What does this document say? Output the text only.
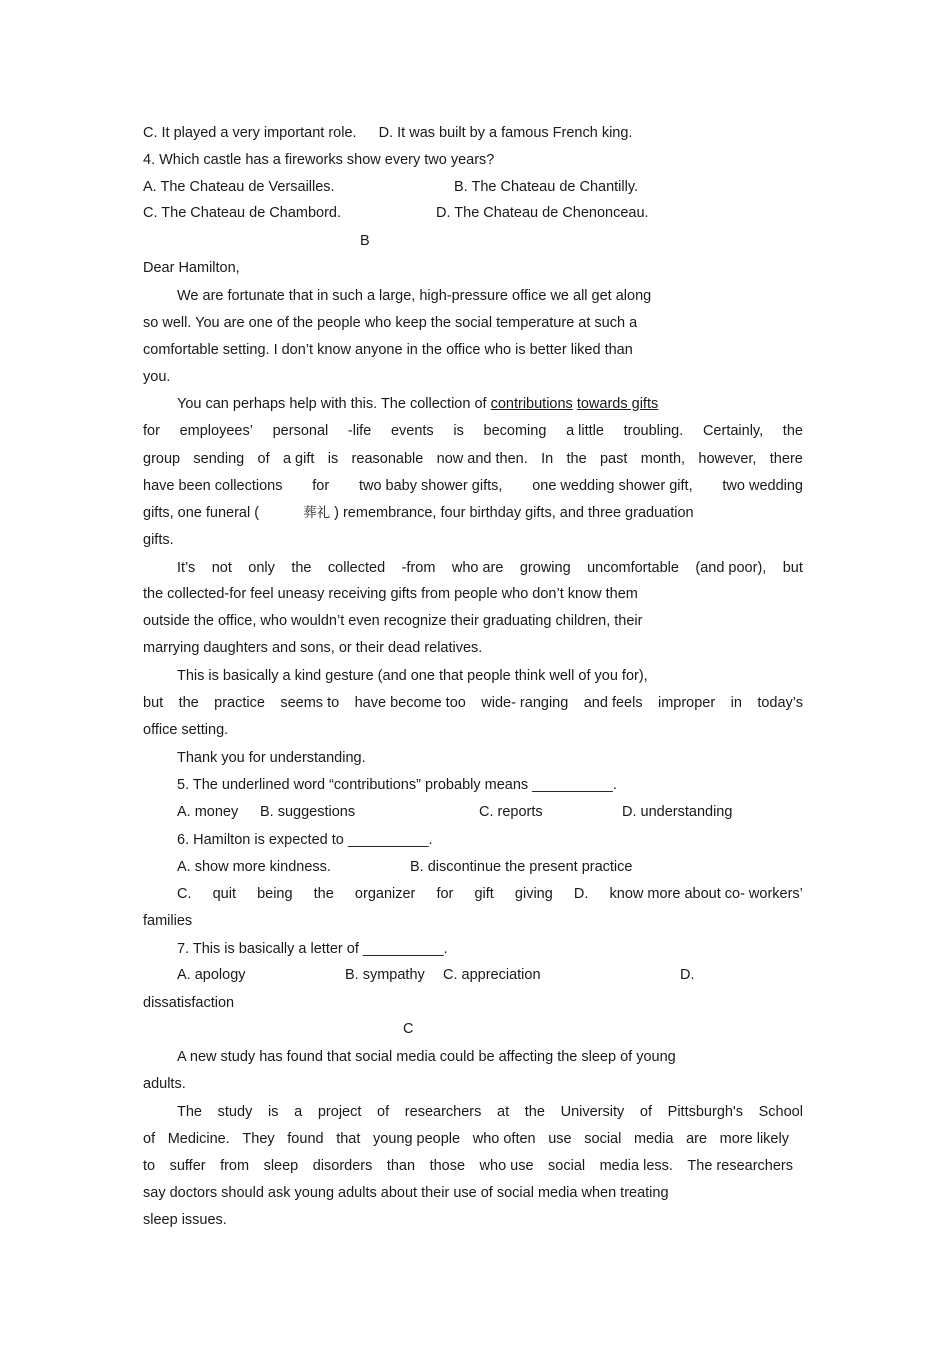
C. It played a very important role. D. It was built by a famous French king.
4. Which castle has a fireworks show every two years?
A. The Chateau de Versailles.	B. The Chateau de Chantilly.
C. The Chateau de Chambord.	D. The Chateau de Chenonceau.
B
Dear Hamilton,
We are fortunate that in such a large, high-pressure office we all get along
so well. You are one of the people who keep the social temperature at such a
comfortable setting. I don’t know anyone in the office who is better liked than
you.
You can perhaps help with this. The collection of contributions towards gifts
for employees’ personal -life events is becoming a little troubling. Certainly, the
group sending of a gift is reasonable now and then. In the past month, however, there
have been collections for two baby shower gifts, one wedding shower gift, two wedding
gifts, one funeral (	葬礼 ) remembrance, four birthday gifts, and three graduation
gifts.
It’s not only the collected -from who are growing uncomfortable (and poor), but
the collected-for feel uneasy receiving gifts from people who don’t know them
outside the office, who wouldn’t even recognize their graduating children, their
marrying daughters and sons, or their dead relatives.
This is basically a kind gesture (and one that people think well of you for),
but the practice seems to have become too wide- ranging and feels improper in today’s
office setting.
Thank you for understanding.
5. The underlined word “contributions” probably means __________.
A. money B. suggestions	C. reports	D. understanding
6. Hamilton is expected to __________.
A. show more kindness.	B. discontinue the present practice
C. quit being the organizer for gift giving D. know more about co- workers’
families
7. This is basically a letter of __________.
A. apology	B. sympathy C. appreciation	D.
dissatisfaction
C
A new study has found that social media could be affecting the sleep of young
adults.
The study is a project of researchers at the University of Pittsburgh's School
of Medicine. They found that young people who often use social media are more likely
to suffer from sleep disorders than those who use social media less. The researchers
say doctors should ask young adults about their use of social media when treating
sleep issues.
